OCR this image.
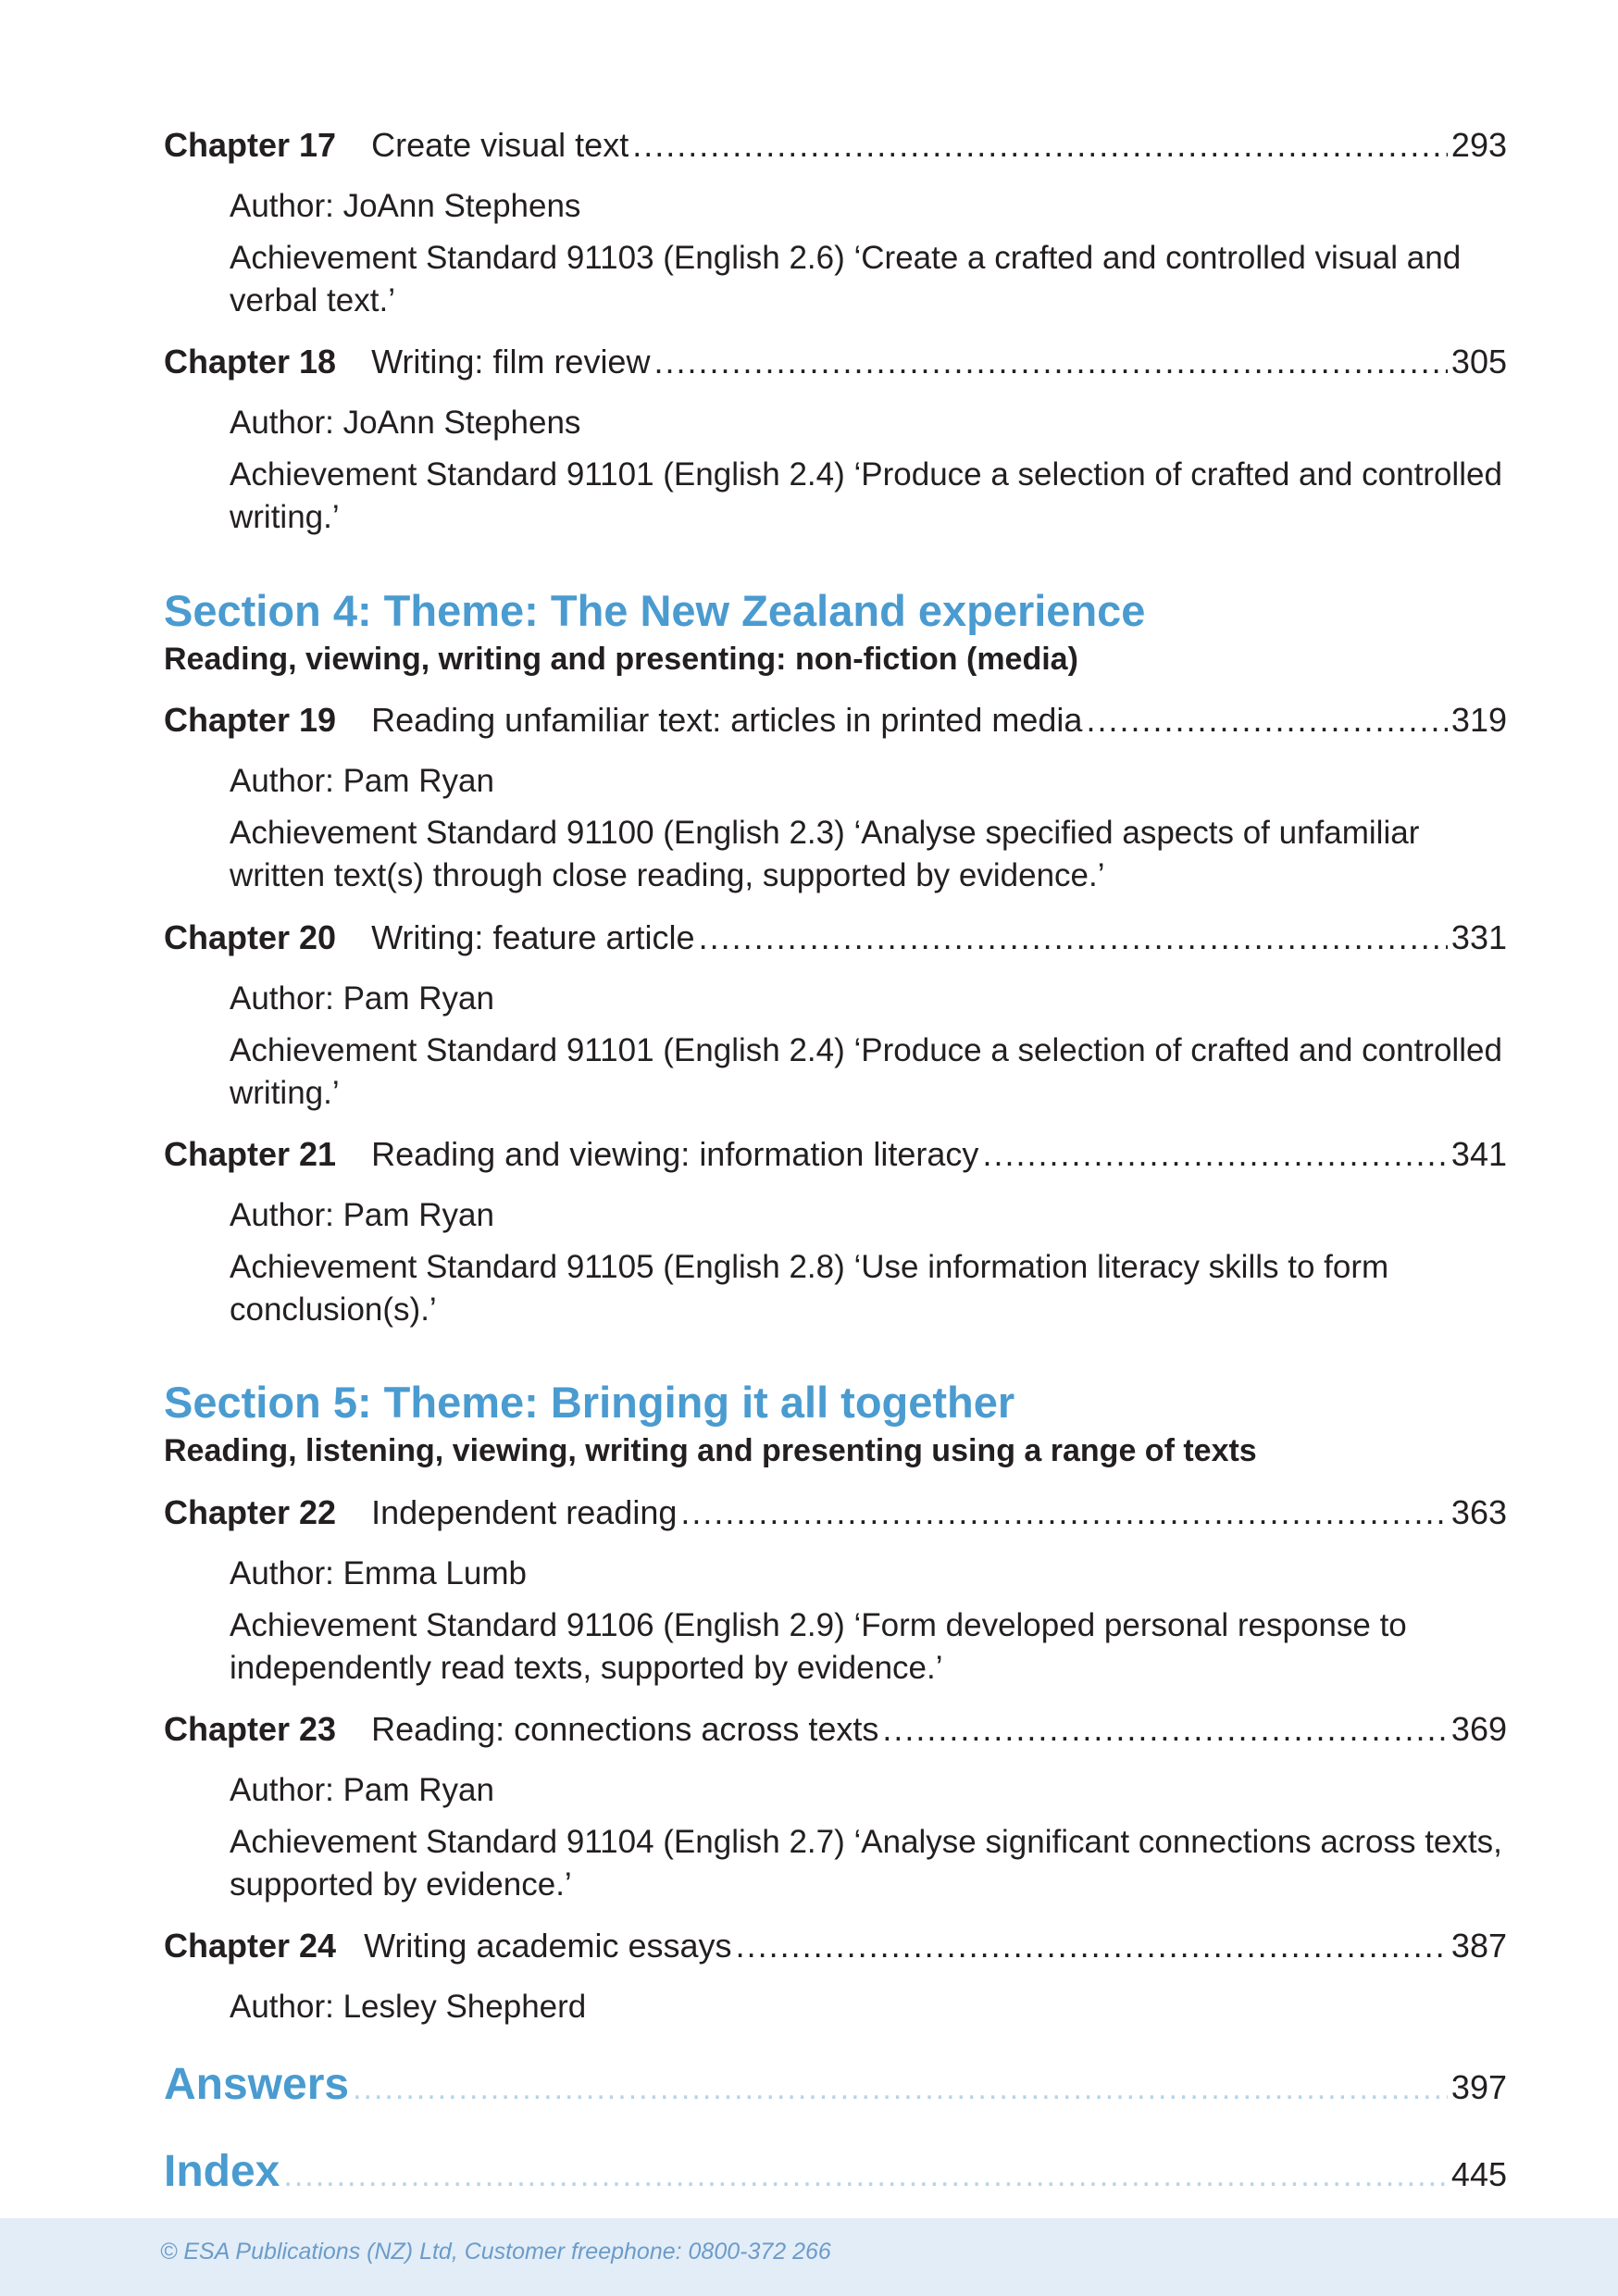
Chapter 17 Create visual text .....	293
Author: JoAnn Stephens
Achievement Standard 91103 (English 2.6) ‘Create a crafted and controlled visual and verbal text.’
Chapter 18 Writing: film review .....	305
Author: JoAnn Stephens
Achievement Standard 91101 (English 2.4) ‘Produce a selection of crafted and controlled writing.’
Section 4: Theme: The New Zealand experience
Reading, viewing, writing and presenting: non-fiction (media)
Chapter 19 Reading unfamiliar text: articles in printed media .....	319
Author: Pam Ryan
Achievement Standard 91100 (English 2.3) ‘Analyse specified aspects of unfamiliar written text(s) through close reading, supported by evidence.’
Chapter 20 Writing: feature article .....	331
Author: Pam Ryan
Achievement Standard 91101 (English 2.4) ‘Produce a selection of crafted and controlled writing.’
Chapter 21 Reading and viewing: information literacy .....	341
Author: Pam Ryan
Achievement Standard 91105 (English 2.8) ‘Use information literacy skills to form conclusion(s).’
Section 5: Theme: Bringing it all together
Reading, listening, viewing, writing and presenting using a range of texts
Chapter 22 Independent reading .....	363
Author: Emma Lumb
Achievement Standard 91106 (English 2.9) ‘Form developed personal response to independently read texts, supported by evidence.’
Chapter 23 Reading: connections across texts .....	369
Author: Pam Ryan
Achievement Standard 91104 (English 2.7) ‘Analyse significant connections across texts, supported by evidence.’
Chapter 24 Writing academic essays .....	387
Author: Lesley Shepherd
Answers .....	397
Index .....	445
© ESA Publications (NZ) Ltd, Customer freephone: 0800-372 266
